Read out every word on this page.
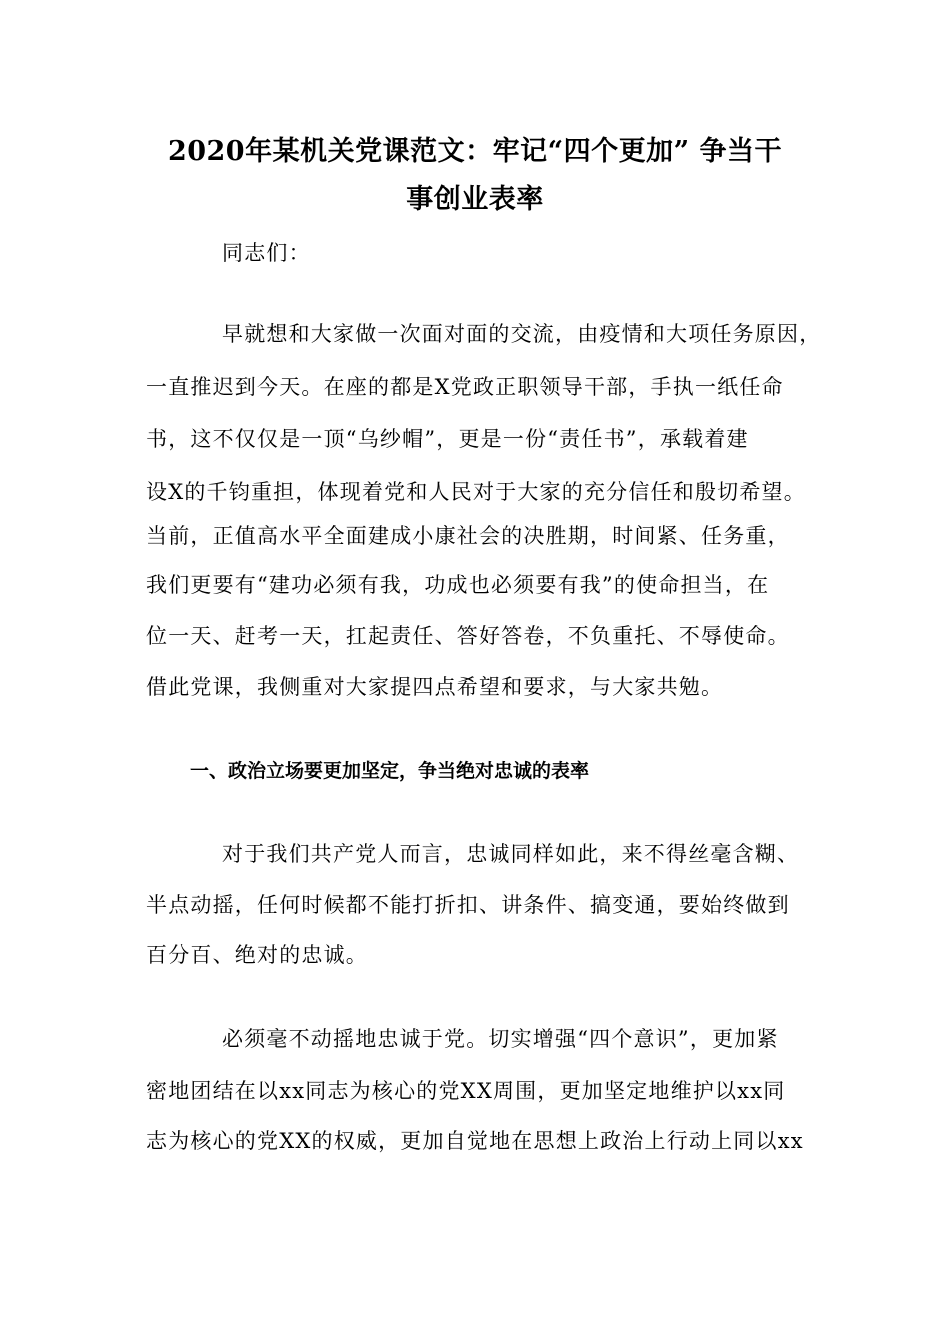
2020年某机关党课范文：牢记“四个更加” 争当干
事创业表率
同志们：
早就想和大家做一次面对面的交流，由疫情和大项任务原因，
一直推迟到今天。在座的都是X党政正职领导干部，手执一纸任命
书，这不仅仅是一顶“乌纱帽”，更是一份“责任书”，承载着建
设X的千钧重担，体现着党和人民对于大家的充分信任和殷切希望。
当前，正值高水平全面建成小康社会的决胜期，时间紧、任务重，
我们更要有“建功必须有我，功成也必须要有我”的使命担当，在
位一天、赶考一天，扛起责任、答好答卷，不负重托、不辱使命。
借此党课，我侧重对大家提四点希望和要求，与大家共勉。
一、政治立场要更加坚定，争当绝对忠诚的表率
对于我们共产党人而言，忠诚同样如此，来不得丝毫含糊、
半点动摇，任何时候都不能打折扣、讲条件、搞变通，要始终做到
百分百、绝对的忠诚。
必须毫不动摇地忠诚于党。切实增强“四个意识”，更加紧
密地团结在以xx同志为核心的党XX周围，更加坚定地维护以xx同
志为核心的党XX的权威，更加自觉地在思想上政治上行动上同以xx
